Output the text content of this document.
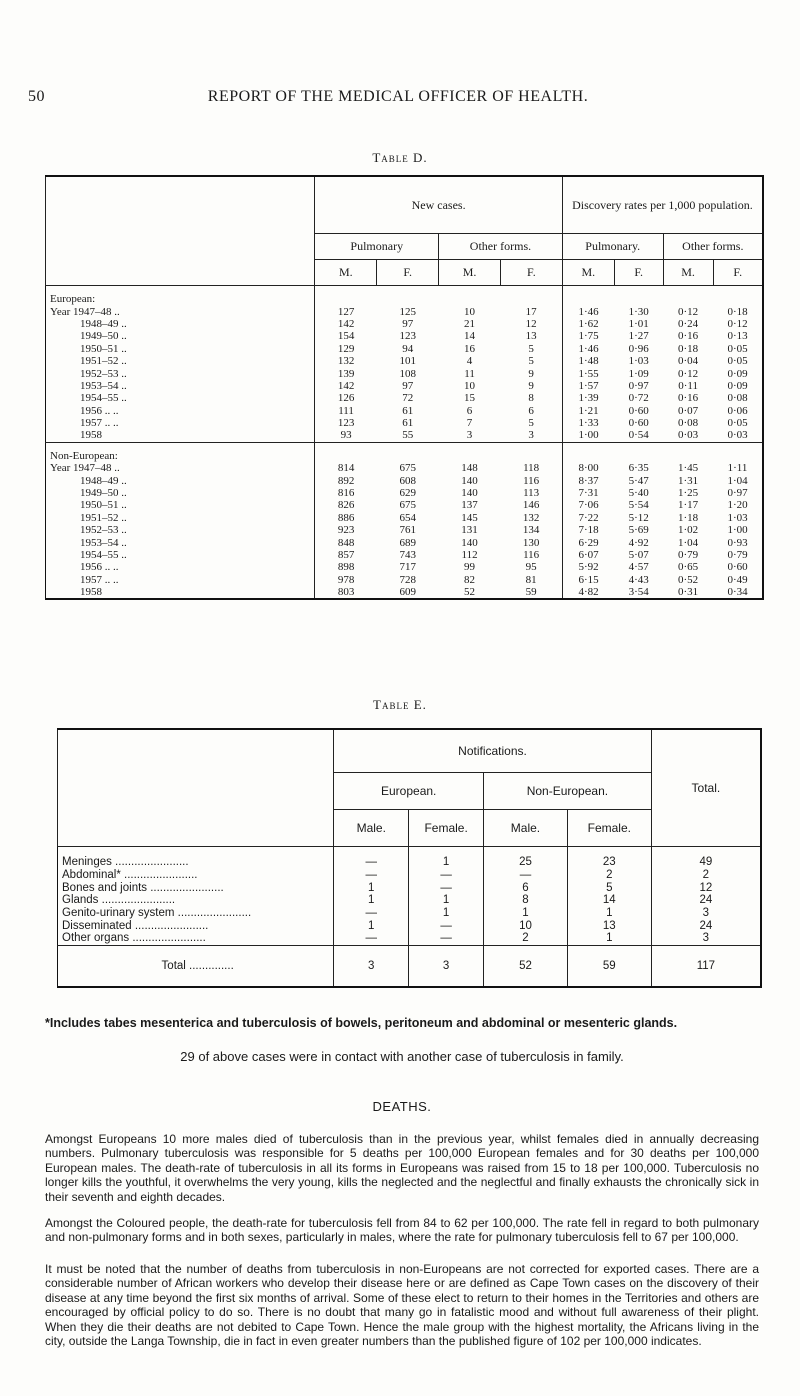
50	REPORT OF THE MEDICAL OFFICER OF HEALTH.
Table D.
	New cases.				Discovery rates per 1,000 population.			
	Pulmonary		Other forms.		Pulmonary.		Other forms.	
	M.	F.	M.	F.	M.	F.	M.	F.
European:								
Year 1947–48 ..	127	125	10	17	1·46	1·30	0·12	0·18
1948–49 ..	142	97	21	12	1·62	1·01	0·24	0·12
1949–50 ..	154	123	14	13	1·75	1·27	0·16	0·13
1950–51 ..	129	94	16	5	1·46	0·96	0·18	0·05
1951–52 ..	132	101	4	5	1·48	1·03	0·04	0·05
1952–53 ..	139	108	11	9	1·55	1·09	0·12	0·09
1953–54 ..	142	97	10	9	1·57	0·97	0·11	0·09
1954–55 ..	126	72	15	8	1·39	0·72	0·16	0·08
1956 .. ..	111	61	6	6	1·21	0·60	0·07	0·06
1957 .. ..	123	61	7	5	1·33	0·60	0·08	0·05
1958	93	55	3	3	1·00	0·54	0·03	0·03
Non-European:								
Year 1947–48 ..	814	675	148	118	8·00	6·35	1·45	1·11
1948–49 ..	892	608	140	116	8·37	5·47	1·31	1·04
1949–50 ..	816	629	140	113	7·31	5·40	1·25	0·97
1950–51 ..	826	675	137	146	7·06	5·54	1·17	1·20
1951–52 ..	886	654	145	132	7·22	5·12	1·18	1·03
1952–53 ..	923	761	131	134	7·18	5·69	1·02	1·00
1953–54 ..	848	689	140	130	6·29	4·92	1·04	0·93
1954–55 ..	857	743	112	116	6·07	5·07	0·79	0·79
1956 .. ..	898	717	99	95	5·92	4·57	0·65	0·60
1957 .. ..	978	728	82	81	6·15	4·43	0·52	0·49
1958	803	609	52	59	4·82	3·54	0·31	0·34
Table E.
	Notifications.				Total.
	European.		Non-European.		
	Male.	Female.	Male.	Female.	
Meninges .......................	—	1	25	23	49
Abdominal* .......................	—	—	—	2	2
Bones and joints .......................	1	—	6	5	12
Glands .......................	1	1	8	14	24
Genito-urinary system .......................	—	1	1	1	3
Disseminated .......................	1	—	10	13	24
Other organs .......................	—	—	2	1	3
Total ..............	3	3	52	59	117
*Includes tabes mesenterica and tuberculosis of bowels, peritoneum and abdominal or mesenteric glands.
29 of above cases were in contact with another case of tuberculosis in family.
DEATHS.
Amongst Europeans 10 more males died of tuberculosis than in the previous year, whilst females died in annually decreasing numbers. Pulmonary tuberculosis was responsible for 5 deaths per 100,000 European females and for 30 deaths per 100,000 European males. The death-rate of tuberculosis in all its forms in Europeans was raised from 15 to 18 per 100,000. Tuberculosis no longer kills the youthful, it overwhelms the very young, kills the neglected and the neglectful and finally exhausts the chronically sick in their seventh and eighth decades.
Amongst the Coloured people, the death-rate for tuberculosis fell from 84 to 62 per 100,000. The rate fell in regard to both pulmonary and non-pulmonary forms and in both sexes, particularly in males, where the rate for pulmonary tuberculosis fell to 67 per 100,000.
It must be noted that the number of deaths from tuberculosis in non-Europeans are not corrected for exported cases. There are a considerable number of African workers who develop their disease here or are defined as Cape Town cases on the discovery of their disease at any time beyond the first six months of arrival. Some of these elect to return to their homes in the Territories and others are encouraged by official policy to do so. There is no doubt that many go in fatalistic mood and without full awareness of their plight. When they die their deaths are not debited to Cape Town. Hence the male group with the highest mortality, the Africans living in the city, outside the Langa Township, die in fact in even greater numbers than the published figure of 102 per 100,000 indicates.
